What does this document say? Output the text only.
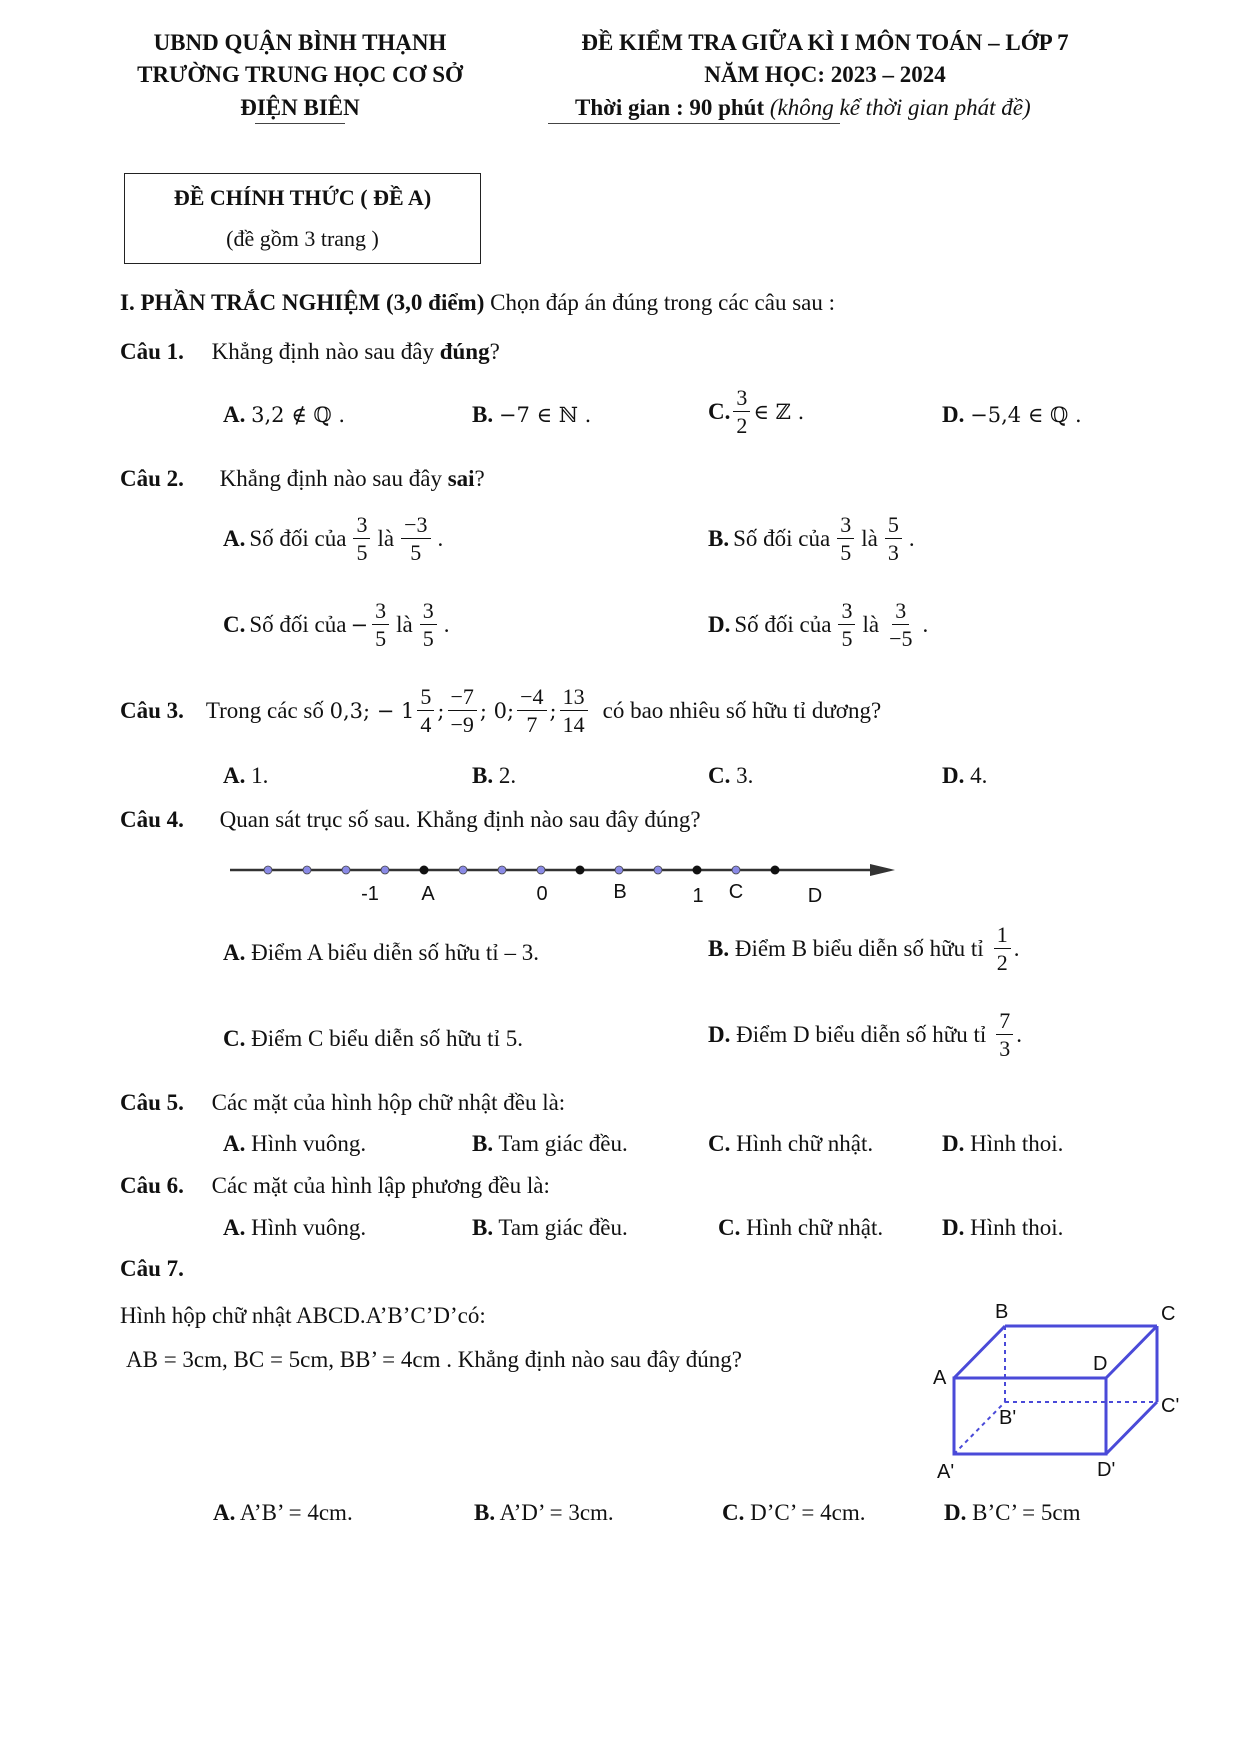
UBND QUẬN BÌNH THẠNH
TRƯỜNG TRUNG HỌC CƠ SỞ
ĐIỆN BIÊN
ĐỀ KIỂM TRA GIỮA KÌ I MÔN TOÁN – LỚP 7
NĂM HỌC: 2023 – 2024
Thời gian : 90 phút (không kể thời gian phát đề)
ĐỀ CHÍNH THỨC ( ĐỀ A)
(đề gồm 3 trang )
I. PHẦN TRẮC NGHIỆM (3,0 điểm) Chọn đáp án đúng trong các câu sau :
Câu 1. Khẳng định nào sau đây đúng?
A. 3,2 ∉ ℚ .	B. −7 ∈ ℕ .	C. $\frac{3}{2}$ ∈ ℤ .	D. −5,4 ∈ ℚ .
Câu 2. Khẳng định nào sau đây sai?
A. Số đối của $\frac{3}{5}$ là $\frac{-3}{5}$ .	B. Số đối của $\frac{3}{5}$ là $\frac{5}{3}$ .
C. Số đối của − $\frac{3}{5}$ là $\frac{3}{5}$ .	D. Số đối của $\frac{3}{5}$ là $\frac{3}{-5}$ .
Câu 3. Trong các số 0,3; − $1 \frac{5}{4}$ ; $\frac{-7}{-9}$ ; 0; $\frac{-4}{7}$ ; $\frac{13}{14}$ có bao nhiêu số hữu tỉ dương?
A. 1.	B. 2.	C. 3.	D. 4.
Câu 4. Quan sát trục số sau. Khẳng định nào sau đây đúng?
-1 A	0	B	1 C	D
A. Điểm A biểu diễn số hữu tỉ – 3.	B. Điểm B biểu diễn số hữu tỉ $\frac{1}{2}$ .
C. Điểm C biểu diễn số hữu tỉ 5.	D. Điểm D biểu diễn số hữu tỉ $\frac{7}{3}$ .
Câu 5. Các mặt của hình hộp chữ nhật đều là:
A. Hình vuông.	B. Tam giác đều.	C. Hình chữ nhật.	D. Hình thoi.
Câu 6. Các mặt của hình lập phương đều là:
A. Hình vuông.	B. Tam giác đều.	C. Hình chữ nhật.	D. Hình thoi.
Câu 7.
Hình hộp chữ nhật ABCD.A’B’C’D’có:
AB = 3cm, BC = 5cm, BB’ = 4cm . Khẳng định nào sau đây đúng?
B	C
A
D
B'
C'
A'	D'
A. A’B’ = 4cm.	B. A’D’ = 3cm.	C. D’C’ = 4cm.	D. B’C’ = 5cm
